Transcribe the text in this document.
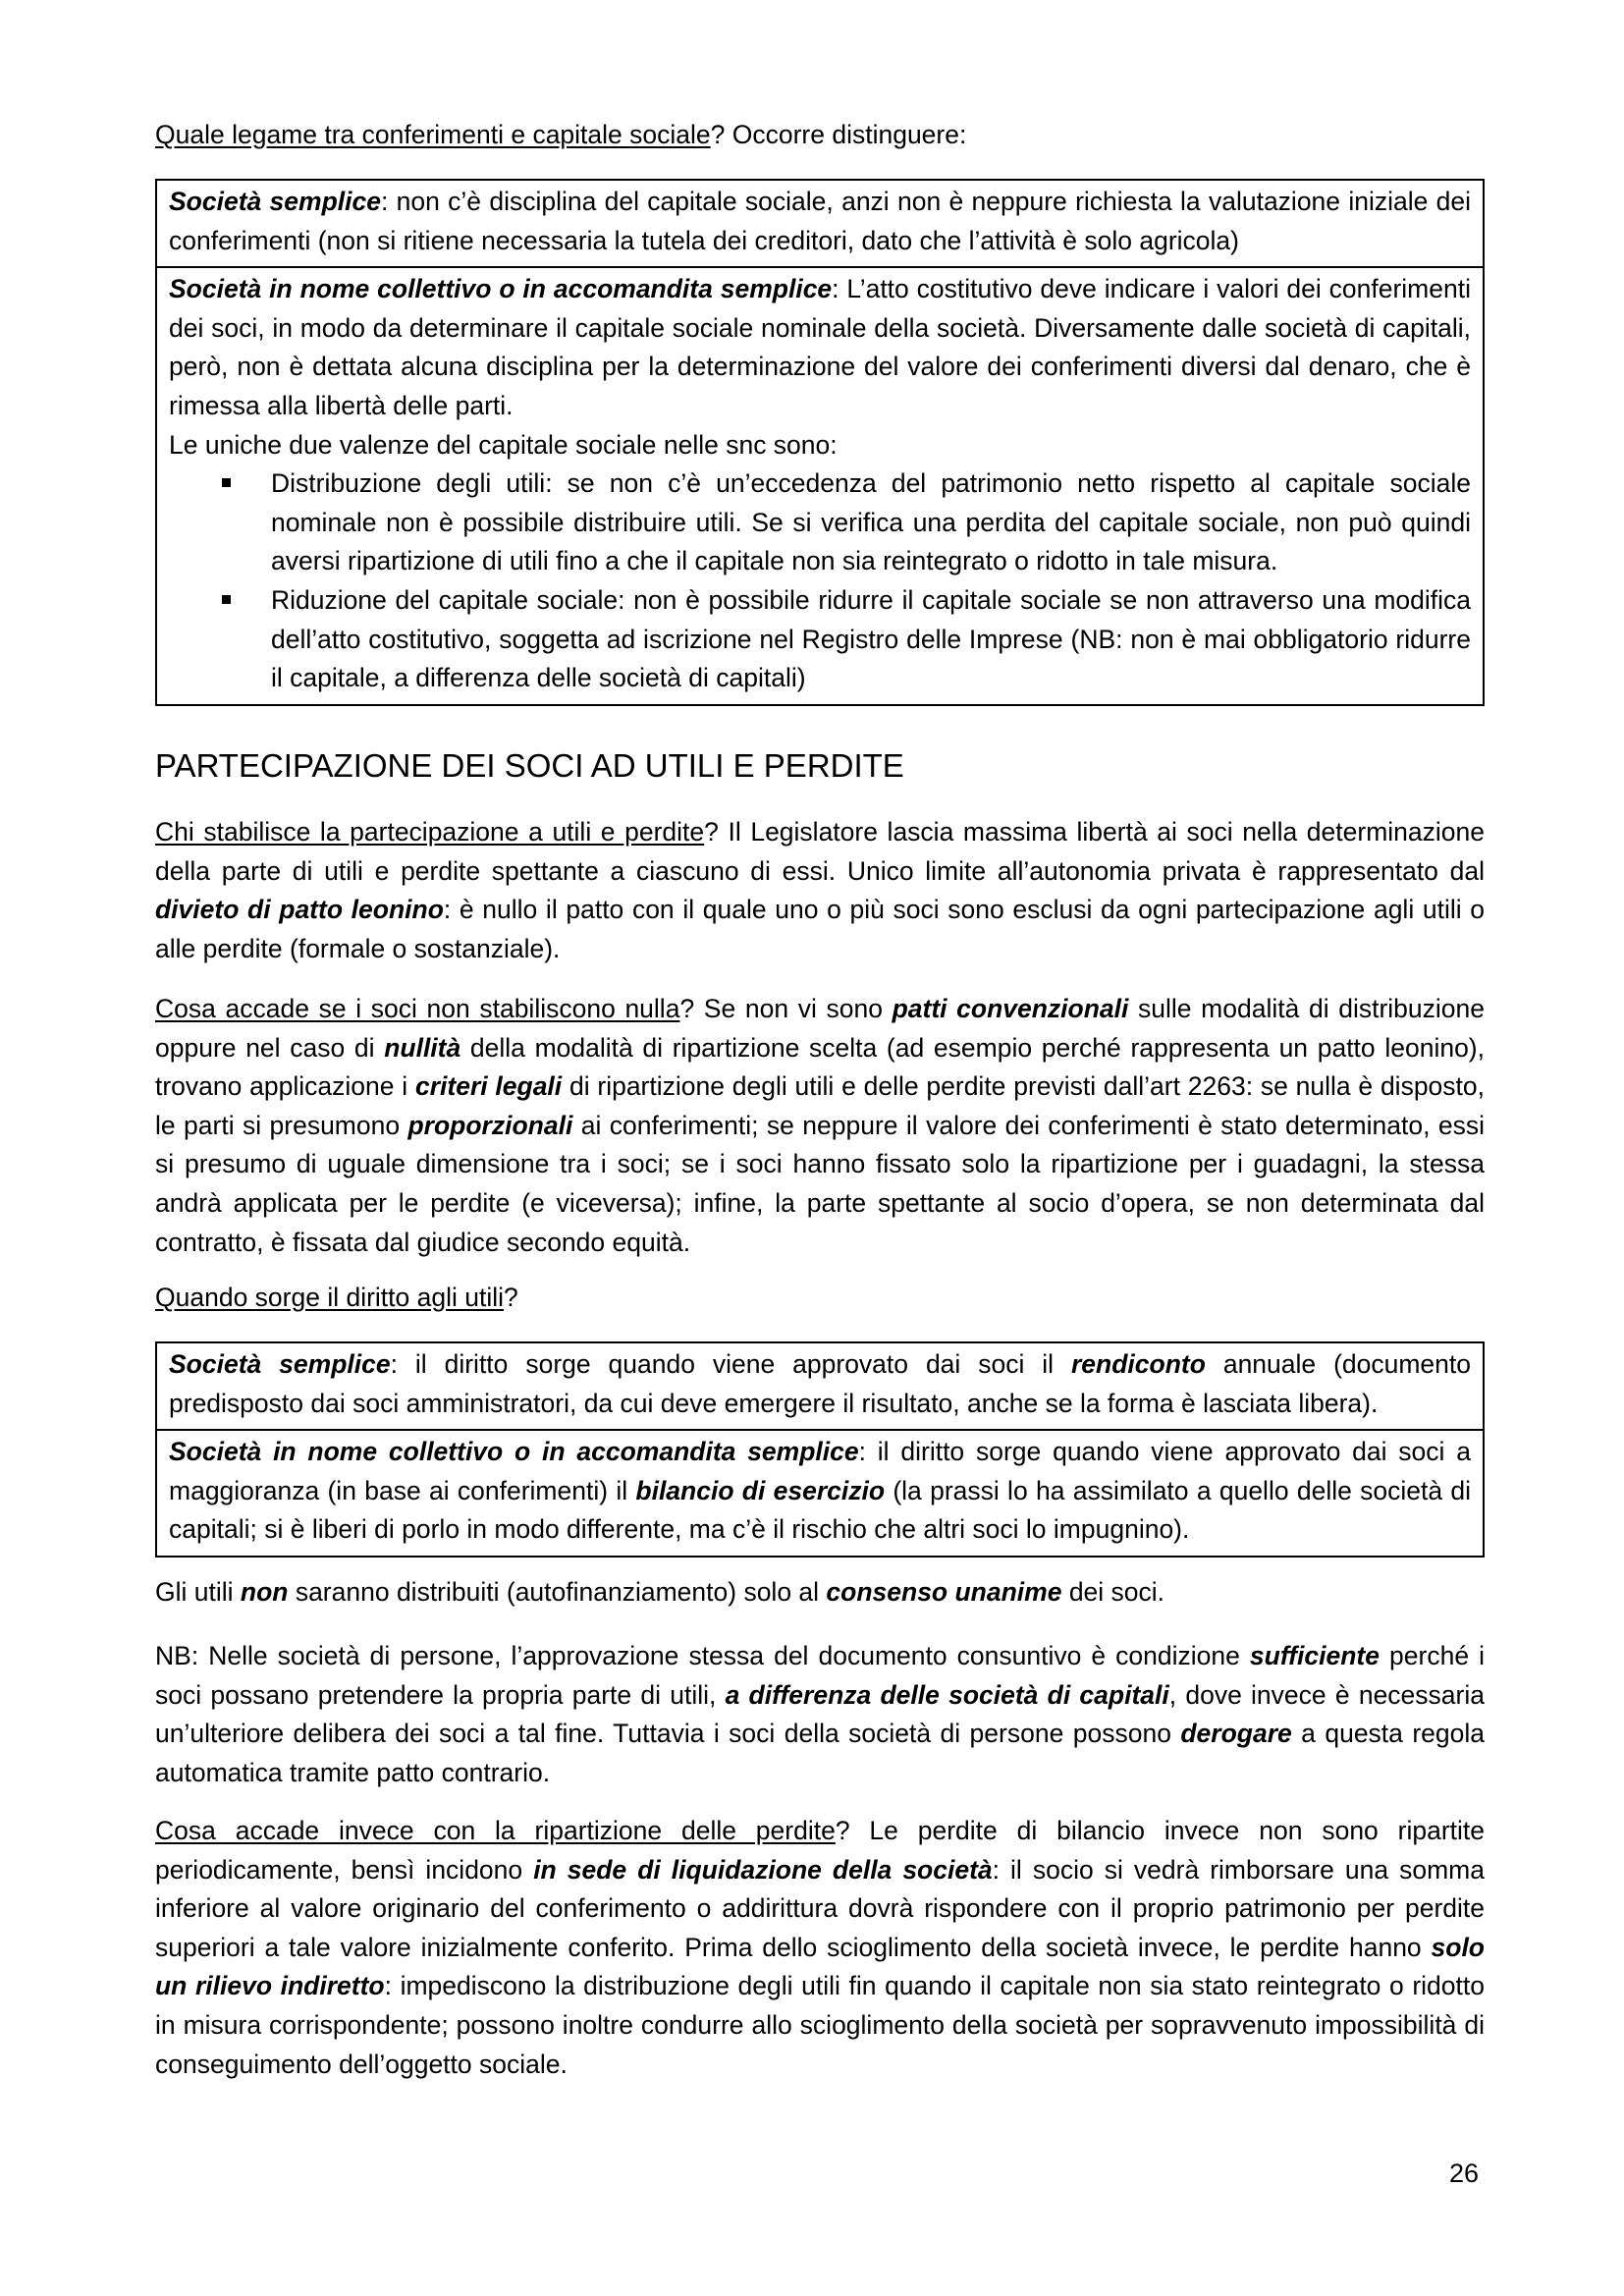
Quale legame tra conferimenti e capitale sociale? Occorre distinguere:

Società semplice: non c’è disciplina del capitale sociale, anzi non è neppure richiesta la valutazione iniziale dei conferimenti (non si ritiene necessaria la tutela dei creditori, dato che l’attività è solo agricola)
Società in nome collettivo o in accomandita semplice: L’atto costitutivo deve indicare i valori dei conferimenti dei soci, in modo da determinare il capitale sociale nominale della società. Diversamente dalle società di capitali, però, non è dettata alcuna disciplina per la determinazione del valore dei conferimenti diversi dal denaro, che è rimessa alla libertà delle parti.
Le uniche due valenze del capitale sociale nelle snc sono:
Distribuzione degli utili: se non c’è un’eccedenza del patrimonio netto rispetto al capitale sociale nominale non è possibile distribuire utili. Se si verifica una perdita del capitale sociale, non può quindi aversi ripartizione di utili fino a che il capitale non sia reintegrato o ridotto in tale misura.
Riduzione del capitale sociale: non è possibile ridurre il capitale sociale se non attraverso una modifica dell’atto costitutivo, soggetta ad iscrizione nel Registro delle Imprese (NB: non è mai obbligatorio ridurre il capitale, a differenza delle società di capitali)
PARTECIPAZIONE DEI SOCI AD UTILI E PERDITE

Chi stabilisce la partecipazione a utili e perdite? Il Legislatore lascia massima libertà ai soci nella determinazione della parte di utili e perdite spettante a ciascuno di essi. Unico limite all’autonomia privata è rappresentato dal divieto di patto leonino: è nullo il patto con il quale uno o più soci sono esclusi da ogni partecipazione agli utili o alle perdite (formale o sostanziale).

Cosa accade se i soci non stabiliscono nulla? Se non vi sono patti convenzionali sulle modalità di distribuzione oppure nel caso di nullità della modalità di ripartizione scelta (ad esempio perché rappresenta un patto leonino), trovano applicazione i criteri legali di ripartizione degli utili e delle perdite previsti dall’art 2263: se nulla è disposto, le parti si presumono proporzionali ai conferimenti; se neppure il valore dei conferimenti è stato determinato, essi si presumo di uguale dimensione tra i soci; se i soci hanno fissato solo la ripartizione per i guadagni, la stessa andrà applicata per le perdite (e viceversa); infine, la parte spettante al socio d’opera, se non determinata dal contratto, è fissata dal giudice secondo equità.

Quando sorge il diritto agli utili?

Società semplice: il diritto sorge quando viene approvato dai soci il rendiconto annuale (documento predisposto dai soci amministratori, da cui deve emergere il risultato, anche se la forma è lasciata libera).
Società in nome collettivo o in accomandita semplice: il diritto sorge quando viene approvato dai soci a maggioranza (in base ai conferimenti) il bilancio di esercizio (la prassi lo ha assimilato a quello delle società di capitali; si è liberi di porlo in modo differente, ma c’è il rischio che altri soci lo impugnino).

Gli utili non saranno distribuiti (autofinanziamento) solo al consenso unanime dei soci.

NB: Nelle società di persone, l’approvazione stessa del documento consuntivo è condizione sufficiente perché i soci possano pretendere la propria parte di utili, a differenza delle società di capitali, dove invece è necessaria un’ulteriore delibera dei soci a tal fine. Tuttavia i soci della società di persone possono derogare a questa regola automatica tramite patto contrario.

Cosa accade invece con la ripartizione delle perdite? Le perdite di bilancio invece non sono ripartite periodicamente, bensì incidono in sede di liquidazione della società: il socio si vedrà rimborsare una somma inferiore al valore originario del conferimento o addirittura dovrà rispondere con il proprio patrimonio per perdite superiori a tale valore inizialmente conferito. Prima dello scioglimento della società invece, le perdite hanno solo un rilievo indiretto: impediscono la distribuzione degli utili fin quando il capitale non sia stato reintegrato o ridotto in misura corrispondente; possono inoltre condurre allo scioglimento della società per sopravvenuto impossibilità di conseguimento dell’oggetto sociale.

26
